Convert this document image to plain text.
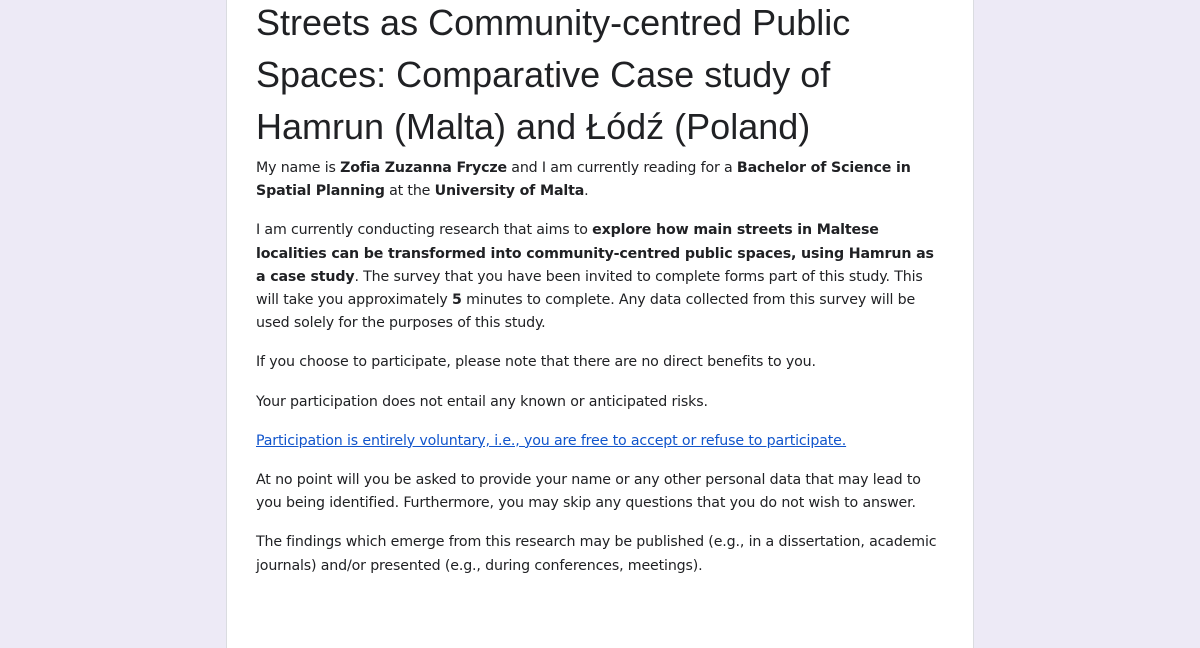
Streets as Community-centred Public Spaces: Comparative Case study of Hamrun (Malta) and Łódź (Poland)

My name is Zofia Zuzanna Frycze and I am currently reading for a Bachelor of Science in Spatial Planning at the University of Malta.

I am currently conducting research that aims to explore how main streets in Maltese localities can be transformed into community-centred public spaces, using Hamrun as a case study. The survey that you have been invited to complete forms part of this study. This will take you approximately 5 minutes to complete. Any data collected from this survey will be used solely for the purposes of this study.

If you choose to participate, please note that there are no direct benefits to you.

Your participation does not entail any known or anticipated risks.

Participation is entirely voluntary, i.e., you are free to accept or refuse to participate.

At no point will you be asked to provide your name or any other personal data that may lead to you being identified. Furthermore, you may skip any questions that you do not wish to answer.

The findings which emerge from this research may be published (e.g., in a dissertation, academic journals) and/or presented (e.g., during conferences, meetings).
